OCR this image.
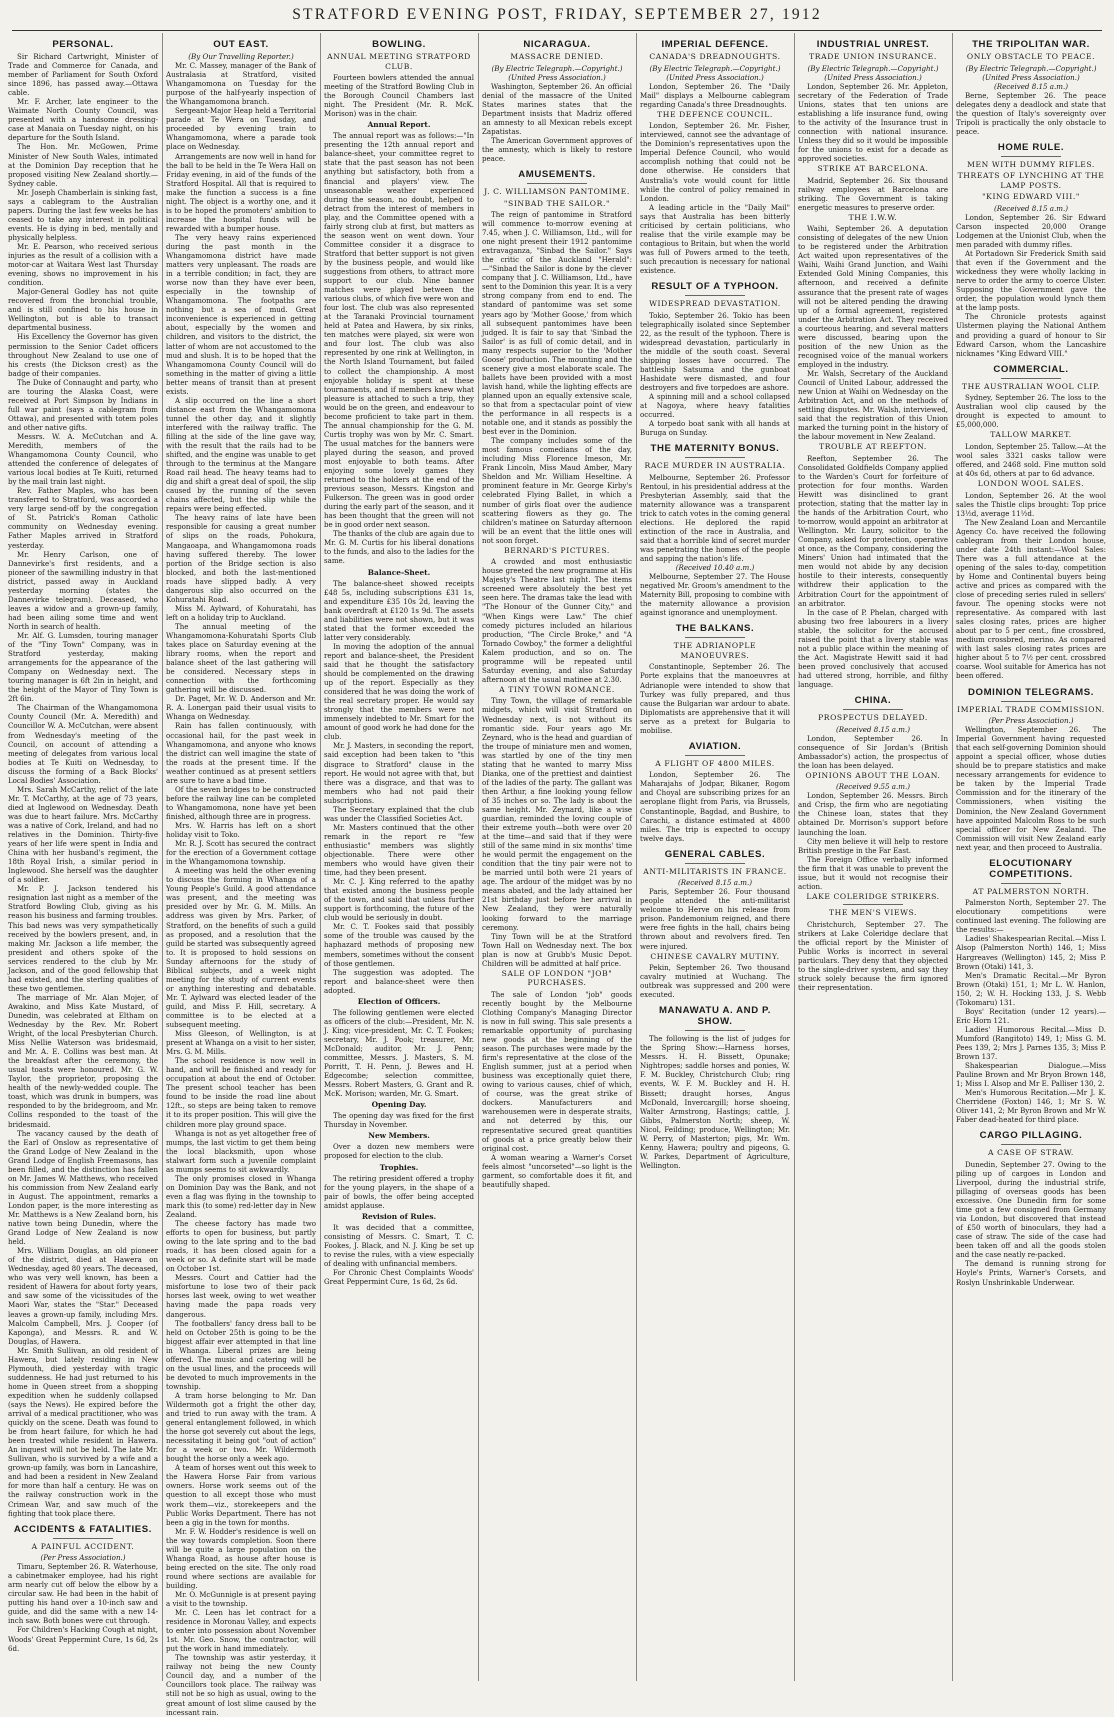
STRATFORD EVENING POST, FRIDAY, SEPTEMBER 27, 1912
PERSONAL.

Sir Richard Cartwright, Minister of Trade and Commerce for Canada, and member of Parliament for South Oxford since 1896, has passed away.—Ottawa cable.

Mr. F. Archer, late engineer to the Waimate North County Council, was presented with a handsome dressing-case at Manaia on Tuesday night, on his departure for the South Island.

The Hon. Mr. McGowen, Prime Minister of New South Wales, intimated at the Dominion Day reception that he proposed visiting New Zealand shortly.—Sydney cable.

Mr. Joseph Chamberlain is sinking fast, says a cablegram to the Australian papers. During the last few weeks he has ceased to take any interest in political events. He is dying in bed, mentally and physically helpless.

Mr. E. Pearson, who received serious injuries as the result of a collision with a motor-car at Waitara West last Thursday evening, shows no improvement in his condition.

Major-General Godley has not quite recovered from the bronchial trouble, and is still confined to his house in Wellington, but is able to transact departmental business.

His Excellency the Governor has given permission to the Senior Cadet officers throughout New Zealand to use one of his crests (the Dickson crest) as the badge of their companies.

The Duke of Connaught and party, who are touring the Alaska Coast, were received at Port Simpson by Indians in full war paint (says a cablegram from Ottawa), and presented with totem poles and other native gifts.

Messrs. W. A. McCutchan and A. Meredith, members of the Whangamomona County Council, who attended the conference of delegates of various local bodies at Te Kuiti, returned by the mail train last night.

Rev. Father Maples, who has been transferred to Stratford, was accorded a very large send-off by the congregation of St. Patrick's Roman Catholic community on Wednesday evening. Father Maples arrived in Stratford yesterday.

Mr. Henry Carlson, one of Dannevirke's first residents, and a pioneer of the sawmilling industry in that district, passed away in Auckland yesterday morning (states the Dannevirke telegram). Deceased, who leaves a widow and a grown-up family, had been ailing some time and went North in search of health.

Mr. Alf. G. Lumsden, touring manager of the "Tiny Town" Company, was in Stratford yesterday, making arrangements for the appearance of the Company on Wednesday next. The touring manager is 6ft 2in in height, and the height of the Mayor of Tiny Town is 2ft 6in.

The Chairman of the Whangamomona County Council (Mr. A. Meredith) and Councillor W. A. McCutchan, were absent from Wednesday's meeting of the Council, on account of attending a meeting of delegates from various local bodies at Te Kuiti on Wednesday, to discuss the forming of a Back Blocks' Local Bodies' Association.

Mrs. Sarah McCarthy, relict of the late Mr. T. McCarthy, at the age of 73 years, died at Inglewood on Wednesday. Death was due to heart failure. Mrs. McCarthy was a native of Cork, Ireland, and had no relatives in the Dominion. Thirty-five years of her life were spent in India and China with her husband's regiment, the 18th Royal Irish, a similar period in Inglewood. She herself was the daughter of a soldier.

Mr. P. J. Jackson tendered his resignation last night as a member of the Stratford Bowling Club, giving as his reason his business and farming troubles. This bad news was very sympathetically received by the bowlers present, and, in making Mr. Jackson a life member, the president and others spoke of the services rendered to the club by Mr. Jackson, and of the good fellowship that had existed, and the sterling qualities of these two gentlemen.

The marriage of Mr. Alan Mojer, of Awakino, and Miss Kate Mustard, of Dunedin, was celebrated at Eltham on Wednesday by the Rev. Mr. Robert Wright, of the local Presbyterian Church. Miss Nellie Waterson was bridesmaid, and Mr. A. E. Collins was best man. At the breakfast after the ceremony, the usual toasts were honoured. Mr. G. W. Taylor, the proprietor, proposing the health of the newly-wedded couple. The toast, which was drunk in bumpers, was responded to by the bridegroom, and Mr. Collins responded to the toast of the bridesmaid.

The vacancy caused by the death of the Earl of Onslow as representative of the Grand Lodge of New Zealand in the Grand Lodge of English Freemasons, has been filled, and the distinction has fallen on Mr. James W. Matthews, who received his commission from New Zealand early in August. The appointment, remarks a London paper, is the more interesting as Mr. Matthews is a New Zealand born, his native town being Dunedin, where the Grand Lodge of New Zealand is now held.

Mrs. William Douglas, an old pioneer of the district, died at Hawera on Wednesday, aged 80 years. The deceased, who was very well known, has been a resident of Hawera for about forty years, and saw some of the vicissitudes of the Maori War, states the "Star." Deceased leaves a grown-up family, including Mrs. Malcolm Campbell, Mrs. J. Cooper (of Kaponga), and Messrs. R. and W. Douglas, of Hawera.

Mr. Smith Sullivan, an old resident of Hawera, but lately residing in New Plymouth, died yesterday with tragic suddenness. He had just returned to his home in Queen street from a shopping expedition when he suddenly collapsed (says the News). He expired before the arrival of a medical practitioner, who was quickly on the scene. Death was found to be from heart failure, for which he had been treated while resident in Hawera. An inquest will not be held. The late Mr. Sullivan, who is survived by a wife and a grown-up family, was born in Lancashire, and had been a resident in New Zealand for more than half a century. He was on the railway construction work in the Crimean War, and saw much of the fighting that took place there.

ACCIDENTS & FATALITIES.
A PAINFUL ACCIDENT.
(Per Press Association.)

Timaru, September 26. R. Waterhouse, a cabinetmaker employee, had his right arm nearly cut off below the elbow by a circular saw. He had been in the habit of putting his hand over a 10-inch saw and guide, and did the same with a new 14-inch saw. Both bones were cut through.

For Children's Hacking Cough at night, Woods' Great Peppermint Cure, 1s 6d, 2s 6d.

OUT EAST.
(By Our Travelling Reporter.)

Mr. C. Massey, manager of the Bank of Australasia at Stratford, visited Whangamomona on Tuesday for the purpose of the half-yearly inspection of the Whangamomona branch.

Sergeant-Major Heap held a Territorial parade at Te Wera on Tuesday, and proceeded by evening train to Whangamomona, where a parade took place on Wednesday.

Arrangements are now well in hand for the ball to be held in the Te Wera Hall on Friday evening, in aid of the funds of the Stratford Hospital. All that is required to make the function a success is a fine night. The object is a worthy one, and it is to be hoped the promoters' ambition to increase the hospital funds will be rewarded with a bumper house.

The very heavy rains experienced during the past month in the Whangamomona district have made matters very unpleasant. The roads are in a terrible condition; in fact, they are worse now than they have ever been, especially in the township of Whangamomona. The footpaths are nothing but a sea of mud. Great inconvenience is experienced in getting about, especially by the women and children, and visitors to the district, the latter of whom are not accustomed to the mud and slush. It is to be hoped that the Whangamomona County Council will do something in the matter of giving a little better means of transit than at present exists.

A slip occurred on the line a short distance east from the Whangamomona tunnel the other day, and it slightly interfered with the railway traffic. The filling at the side of the line gave way, with the result that the rails had to be shifted, and the engine was unable to get through to the terminus at the Mangare Road rail head. The heavy teams had to dig and shift a great deal of spoil, the slip caused by the running of the seven chains affected, but the slip while the repairs were being effected.

The heavy rains of late have been responsible for causing a great number of slips on the roads, Pohokura, Mangaoapa, and Whangamomona roads having suffered thereby. The lower portion of the Bridge section is also blocked, and both the last-mentioned roads have slipped badly. A very dangerous slip also occurred on the Kohuratahi Road.

Miss M. Aylward, of Kohuratahi, has left on a holiday trip to Auckland.

The annual meeting of the Whangamomona-Kohuratahi Sports Club takes place on Saturday evening at the library rooms, when the report and balance sheet of the last gathering will be considered. Necessary steps in connection with the forthcoming gathering will be discussed.

Dr. Paget, Mr. W. D. Anderson and Mr. R. A. Lonergan paid their usual visits to Whanga on Wednesday.

Rain has fallen continuously, with occasional hail, for the past week in Whangamomona, and anyone who knows the district can well imagine the state of the roads at the present time. If the weather continued as at present settlers are sure to have a bad time.

Of the seven bridges to be constructed before the railway line can be completed to Whangamomona, none have yet been finished, although three are in progress.

Mrs. W. Harris has left on a short holiday visit to Toko.

Mr. R. J. Scott has secured the contract for the erection of a Government cottage in the Whangamomona township.

A meeting was held the other evening to discuss the forming in Whanga of a Young People's Guild. A good attendance was present, and the meeting was presided over by Mr. G. M. Mills. An address was given by Mrs. Parker, of Stratford, on the benefits of such a guild as proposed, and a resolution that the guild be started was subsequently agreed to. It is proposed to hold sessions on Sunday afternoons for the study of Biblical subjects, and a week night meeting for the study of current events or anything interesting and debatable. Mr. T. Aylward was elected leader of the guild, and Miss F. Hill, secretary. A committee is to be elected at a subsequent meeting.

Miss Gleeson, of Wellington, is at present at Whanga on a visit to her sister, Mrs. G. M. Mills.

The school residence is now well in hand, and will be finished and ready for occupation at about the end of October. The present school teacher has been found to be inside the road line about 12ft., so steps are being taken to remove it to its proper position. This will give the children more play ground space.

Whanga is not as yet altogether free of mumps, the last victim to get them being the local blacksmith, upon whose stalwart form such a juvenile complaint as mumps seems to sit awkwardly.

The only promises closed in Whanga on Dominion Day was the Bank, and not even a flag was flying in the township to mark this (to some) red-letter day in New Zealand.

The cheese factory has made two efforts to open for business, but partly owing to the late spring and to the bad roads, it has been closed again for a week or so. A definite start will be made on October 1st.

Messrs. Court and Cattier had the misfortune to lose two of their pack horses last week, owing to wet weather having made the papa roads very dangerous.

The footballers' fancy dress ball to be held on October 25th is going to be the biggest affair ever attempted in that line in Whanga. Liberal prizes are being offered. The music and catering will be on the usual lines, and the proceeds will be devoted to much improvements in the township.

A tram horse belonging to Mr. Dan Wildermoth got a fright the other day, and tried to run away with the tram. A general entanglement followed, in which the horse got severely cut about the legs, necessitating it being got "out of action" for a week or two. Mr. Wildermoth bought the horse only a week ago.

A team of horses went out this week to the Hawera Horse Fair from various owners. Horse work seems out of the question to all except those who must work them—viz., storekeepers and the Public Works Department. There has not been a gig in the town for months.

Mr. F. W. Hodder's residence is well on the way towards completion. Soon there will be quite a large population on the Whanga Road, as house after house is being erected on the site. The only road round where sections are available for building.

Mr. O. McGunnigle is at present paying a visit to the township.

Mr. C. Leen has let contract for a residence in Moronau Valley, and expects to enter into possession about November 1st. Mr. Geo. Snow, the contractor, will put the work in hand immediately.

The township was astir yesterday, it railway not being the new County Council day, and a number of the Councillors took place. The railway was still not be so high as usual, owing to the great amount of lost slime caused by the incessant rain.

BOWLING.
ANNUAL MEETING STRATFORD CLUB.

Fourteen bowlers attended the annual meeting of the Stratford Bowling Club in the Borough Council Chambers last night. The President (Mr. R. McK. Morison) was in the chair.

Annual Report.

The annual report was as follows:—"In presenting the 12th annual report and balance-sheet, your committee regret to state that the past season has not been anything but satisfactory, both from a financial and players' view. The unseasonable weather experienced during the season, no doubt, helped to detract from the interest of members in play, and the Committee opened with a fairly strong club at first, but matters as the season went on went down. Your Committee consider it a disgrace to Stratford that better support is not given by the business people, and would like suggestions from others, to attract more support to our club. Nine banner matches were played between the various clubs, of which five were won and four lost. The club was also represented at the Taranaki Provincial tournament held at Patea and Hawera, by six rinks, ten matches were played, six were won and four lost. The club was also represented by one rink at Wellington, in the North Island Tournament, but failed to collect the championship. A most enjoyable holiday is spent at these tournaments, and if members knew what pleasure is attached to such a trip, they would be on the green, and endeavour to become proficient to take part in them. The annual championship for the G. M. Curtis trophy was won by Mr. C. Smart. The usual matches for the banners were played during the season, and proved most enjoyable to both teams. After enjoying some lovely games they returned to the holders at the end of the previous season, Messrs. Kingston and Fulkerson. The green was in good order during the early part of the season, and it has been thought that the green will not be in good order next season.

The thanks of the club are again due to Mr. G. M. Curtis for his liberal donations to the funds, and also to the ladies for the same.

Balance-Sheet.

The balance-sheet showed receipts £48 5s, including subscriptions £31 1s, and expenditure £35 10s 2d, leaving the bank overdraft at £120 1s 9d. The assets and liabilities were not shown, but it was stated that the former exceeded the latter very considerably.

In moving the adoption of the annual report and balance-sheet, the President said that he thought the satisfactory should be complemented on the drawing up of the report. Especially as they considered that he was doing the work of the real secretary proper. He would say strongly that the members were not immensely indebted to Mr. Smart for the amount of good work he had done for the club.

Mr. J. Masters, in seconding the report, said exception had been taken to "this disgrace to Stratford" clause in the report. He would not agree with that, but there was a disgrace, and that was to members who had not paid their subscriptions.

The Secretary explained that the club was under the Classified Societies Act.

Mr. Masters continued that the other remark in the report re "few enthusiastic" members was slightly objectionable. There were other members who would have given their time, had they been present.

Mr. C. J. King referred to the apathy that existed among the business people of the town, and said that unless further support is forthcoming, the future of the club would be seriously in doubt.

Mr. C. T. Fookes said that possibly some of the trouble was caused by the haphazard methods of proposing new members, sometimes without the consent of those gentlemen.

The suggestion was adopted. The report and balance-sheet were then adopted.

Election of Officers.

The following gentlemen were elected as officers of the club:—President, Mr. N. J. King; vice-president, Mr. C. T. Fookes; secretary, Mr. J. Pook; treasurer, Mr. McDonald; auditor, Mr. J. Penn; committee, Messrs. J. Masters, S. M. Porritt, T. H. Penn, J. Bewes and H. Edgecombe; selection committee, Messrs. Robert Masters, G. Grant and R. McK. Morison; warden, Mr. G. Smart.

Opening Day.

The opening day was fixed for the first Thursday in November.

New Members.

Over a dozen new members were proposed for election to the club.

Trophies.

The retiring president offered a trophy for the young players, in the shape of a pair of bowls, the offer being accepted amidst applause.

Revision of Rules.

It was decided that a committee, consisting of Messrs. C. Smart, T. C. Fookes, J. Black, and N. J. King be set up to revise the rules, with a view especially of dealing with unfinancial members.

For Chronic Chest Complaints Woods' Great Peppermint Cure, 1s 6d, 2s 6d.

NICARAGUA.
MASSACRE DENIED.
(By Electric Telegraph.—Copyright.) (United Press Association.)

Washington, September 26. An official denial of the massacre of the United States marines states that the Department insists that Madriz offered an amnesty to all Mexican rebels except Zapatistas.

The American Government approves of the amnesty, which is likely to restore peace.

AMUSEMENTS.
J. C. WILLIAMSON PANTOMIME.
"SINBAD THE SAILOR."

The reign of pantomime in Stratford will commence to-morrow evening at 7.45, when J. C. Williamson, Ltd., will for one night present their 1912 pantomime extravaganza, "Sinbad the Sailor." Says the critic of the Auckland "Herald":—"Sinbad the Sailor is done by the clever company that J. C. Williamson, Ltd., have sent to the Dominion this year. It is a very strong company from end to end. The standard of pantomime was set some years ago by 'Mother Goose,' from which all subsequent pantomimes have been judged. It is fair to say that 'Sinbad the Sailor' is as full of comic detail, and in many respects superior to the 'Mother Goose' production. The mounting and the scenery give a most elaborate scale. The ballets have been provided with a most lavish hand, while the lighting effects are planned upon an equally extensive scale, so that from a spectacular point of view the performance in all respects is a notable one, and it stands as possibly the best ever in the Dominion.

The company includes some of the most famous comedians of the day, including Miss Florence Imeson, Mr. Frank Lincoln, Miss Maud Amber, Mary Sheldon and Mr. William Heseltine. A prominent feature in Mr. George Kirby's celebrated Flying Ballet, in which a number of girls float over the audience scattering flowers as they go. The children's matinee on Saturday afternoon will be an event that the little ones will not soon forget.

BERNARD'S PICTURES.

A crowded and most enthusiastic house greeted the new programme at His Majesty's Theatre last night. The items screened were absolutely the best yet seen here. The dramas take the lead with "The Honour of the Gunner City," and "When Kings were Law." The chief comedy pictures included an hilarious production, "The Circle Broke," and "A Tornado Cowboy," the former a delightful Kalem production, and so on. The programme will be repeated until Saturday evening, and also Saturday afternoon at the usual matinee at 2.30.

A TINY TOWN ROMANCE.

Tiny Town, the village of remarkable midgets, which will visit Stratford on Wednesday next, is not without its romantic side. Four years ago Mr. Zeynard, who is the head and guardian of the troupe of miniature men and women, was startled by one of the tiny men stating that he wanted to marry Miss Dianka, one of the prettiest and daintiest of the ladies of the party. The gallant was then Arthur, a fine looking young fellow of 35 inches or so. The lady is about the same height. Mr. Zeynard, like a wise guardian, reminded the loving couple of their extreme youth—both were over 20 at the time—and said that if they were still of the same mind in six months' time he would permit the engagement on the condition that the tiny pair were not to be married until both were 21 years of age. The ardour of the midget was by no means abated, and the lady attained her 21st birthday just before her arrival in New Zealand, they were naturally looking forward to the marriage ceremony.

Tiny Town will be at the Stratford Town Hall on Wednesday next. The box plan is now at Grubb's Music Depot. Children will be admitted at half price.

SALE OF LONDON "JOB" PURCHASES.

The sale of London "job" goods recently bought by the Melbourne Clothing Company's Managing Director is now in full swing. This sale presents a remarkable opportunity of purchasing new goods at the beginning of the season. The purchases were made by the firm's representative at the close of the English summer, just at a period when business was exceptionally quiet there, owing to various causes, chief of which, of course, was the great strike of dockers. Manufacturers and warehousemen were in desperate straits, and not deterred by this, our representative secured great quantities of goods at a price greatly below their original cost.

A woman wearing a Warner's Corset feels almost "uncorseted"—so light is the garment, so comfortable does it fit, and beautifully shaped.

IMPERIAL DEFENCE.
CANADA'S DREADNOUGHTS.
(By Electric Telegraph.—Copyright.) (United Press Association.)

London, September 26. The "Daily Mail" displays a Melbourne cablegram regarding Canada's three Dreadnoughts.

THE DEFENCE COUNCIL.

London, September 26. Mr. Fisher, interviewed, cannot see the advantage of the Dominion's representatives upon the Imperial Defence Council, who would accomplish nothing that could not be done otherwise. He considers that Australia's vote would count for little while the control of policy remained in London.

A leading article in the "Daily Mail" says that Australia has been bitterly criticised by certain politicians, who realise that the virile example may be contagious to Britain, but when the world was full of Powers armed to the teeth, such precaution is necessary for national existence.

RESULT OF A TYPHOON.
WIDESPREAD DEVASTATION.

Tokio, September 26. Tokio has been telegraphically isolated since September 22, as the result of the typhoon. There is widespread devastation, particularly in the middle of the south coast. Several shipping losses have occurred. The battleship Satsuma and the gunboat Hashidate were dismasted, and four destroyers and five torpedoes are ashore.

A spinning mill and a school collapsed at Nagoya, where heavy fatalities occurred.

A torpedo boat sank with all hands at Buruga on Sunday.

THE MATERNITY BONUS.
RACE MURDER IN AUSTRALIA.

Melbourne, September 26. Professor Rentoul, in his presidential address at the Presbyterian Assembly, said that the maternity allowance was a transparent trick to catch votes in the coming general elections. He deplored the rapid extinction of the race in Australia, and said that a horrible kind of secret murder was penetrating the homes of the people and sapping the nation's life.

(Received 10.40 a.m.)

Melbourne, September 27. The House negatived Mr. Groom's amendment to the Maternity Bill, proposing to combine with the maternity allowance a provision against ignorance and unemployment.

THE BALKANS.
THE ADRIANOPLE MANOEUVRES.

Constantinople, September 26. The Porte explains that the manoeuvres at Adrianople were intended to show that Turkey was fully prepared, and thus cause the Bulgarian war ardour to abate. Diplomatists are apprehensive that it will serve as a pretext for Bulgaria to mobilise.

AVIATION.
A FLIGHT OF 4800 MILES.

London, September 26. The Maharajahs of Jodpar, Bikaner, Rogom and Choyal are subscribing prizes for an aeroplane flight from Paris, via Brussels, Constantinople, Bagdad, and Bushire, to Carachi, a distance estimated at 4800 miles. The trip is expected to occupy twelve days.

GENERAL CABLES.
ANTI-MILITARISTS IN FRANCE.
(Received 8.15 a.m.)

Paris, September 26. Four thousand people attended the anti-militarist welcome to Herve on his release from prison. Pandemonium reigned, and there were free fights in the hall, chairs being thrown about and revolvers fired. Ten were injured.

CHINESE CAVALRY MUTINY.

Pekin, September 26. Two thousand cavalry mutinied at Wuchang. The outbreak was suppressed and 200 were executed.

MANAWATU A. AND P. SHOW.

The following is the list of judges for the Spring Show:—Harness horses, Messrs. H. H. Bissett, Opunake; Nightropes; saddle horses and ponies, W. F. M. Buckley, Christchurch Club; ring events, W. F. M. Buckley and H. H. Bissett; draught horses, Angus McDonald, Invercargill; horse shoeing, Walter Armstrong, Hastings; cattle, J. Gibbs, Palmerston North; sheep, W. Nicol, Feilding; produce, Wellington; Mr. W. Perry, of Masterton; pigs, Mr. Wm. Kenny, Hawera; poultry and pigeons, G. W. Parkes, Department of Agriculture, Wellington.

INDUSTRIAL UNREST.
TRADE UNION INSURANCE.
(By Electric Telegraph.—Copyright.) (United Press Association.)

London, September 26. Mr. Appleton, secretary of the Federation of Trade Unions, states that ten unions are establishing a life insurance fund, owing to the activity of the Insurance trust in connection with national insurance. Unless they did so it would be impossible for the unions to exist for a decade as approved societies.

STRIKE AT BARCELONA.

Madrid, September 26. Six thousand railway employees at Barcelona are striking. The Government is taking energetic measures to preserve order.

THE I.W.W.

Waihi, September 26. A deputation consisting of delegates of the new Union to be registered under the Arbitration Act waited upon representatives of the Waihi, Waihi Grand Junction, and Waihi Extended Gold Mining Companies, this afternoon, and received a definite assurance that the present rate of wages will not be altered pending the drawing up of a formal agreement, registered under the Arbitration Act. They received a courteous hearing, and several matters were discussed, bearing upon the position of the new Union as the recognised voice of the manual workers employed in the industry.

Mr. Walsh, Secretary of the Auckland Council of United Labour, addressed the new Union at Waihi on Wednesday on the Arbitration Act, and on the methods of settling disputes. Mr. Walsh, interviewed, said that the registration of this Union marked the turning point in the history of the labour movement in New Zealand.

TROUBLE AT REEFTON.

Reefton, September 26. The Consolidated Goldfields Company applied to the Warden's Court for forfeiture of protection for four months. Warden Hewitt was disinclined to grant protection, stating that the matter lay in the hands of the Arbitration Court, who to-morrow, would appoint an arbitrator at Wellington. Mr. Laury, solicitor to the Company, asked for protection, operative at once, as the Company, considering the Miners' Union had intimated that the men would not abide by any decision hostile to their interests, consequently withdrew their application to the Arbitration Court for the appointment of an arbitrator.

In the case of P. Phelan, charged with abusing two free labourers in a livery stable, the solicitor for the accused raised the point that a livery stable was not a public place within the meaning of the Act. Magistrate Hewitt said it had been proved conclusively that accused had uttered strong, horrible, and filthy language.

CHINA.
PROSPECTUS DELAYED.
(Received 8.15 a.m.)

London, September 26. In consequence of Sir Jordan's (British Ambassador's) action, the prospectus of the loan has been delayed.

OPINIONS ABOUT THE LOAN.
(Received 9.55 a.m.)

London, September 26. Messrs. Birch and Crisp, the firm who are negotiating the Chinese loan, states that they obtained Dr. Morrison's support before launching the loan.

City men believe it will help to restore British prestige in the Far East.

The Foreign Office verbally informed the firm that it was unable to prevent the issue, but it would not recognise their action.

LAKE COLERIDGE STRIKERS.
THE MEN'S VIEWS.

Christchurch, September 27. The strikers at Lake Coleridge declare that the official report by the Minister of Public Works is incorrect in several particulars. They deny that they objected to the single-driver system, and say they struck solely because the firm ignored their representation.

THE TRIPOLITAN WAR.
ONLY OBSTACLE TO PEACE.
(By Electric Telegraph.—Copyright.) (United Press Association.)
(Received 8.15 a.m.)

Berne, September 26. The peace delegates deny a deadlock and state that the question of Italy's sovereignty over Tripoli is practically the only obstacle to peace.

HOME RULE.
MEN WITH DUMMY RIFLES.
THREATS OF LYNCHING AT THE LAMP POSTS.
"KING EDWARD VIII."
(Received 8.15 a.m.)

London, September 26. Sir Edward Carson inspected 20,000 Orange Lodgemen at the Unionist Club, when the men paraded with dummy rifles.

At Portadown Sir Frederick Smith said that even if the Government and the wickedness they were wholly lacking in nerve to order the army to coerce Ulster. Supposing the Government gave the order, the population would lynch them at the lamp posts.

The Chronicle protests against Ulstermen playing the National Anthem and providing a guard of honour to Sir Edward Carson, whom the Lancashire nicknames "King Edward VIII."

COMMERCIAL.
THE AUSTRALIAN WOOL CLIP.

Sydney, September 26. The loss to the Australian wool clip caused by the drought is expected to amount to £5,000,000.

TALLOW MARKET.

London, September 25. Tallow.—At the wool sales 3321 casks tallow were offered, and 2468 sold. Fine mutton sold at 40s 6d, others at par to 6d advance.

LONDON WOOL SALES.

London, September 26. At the wool sales the Thistle clips brought: Top price 13½d, average 11½d.

The New Zealand Loan and Mercantile Agency Co. have received the following cablegram from their London house, under date 24th instant:—Wool Sales: There was a full attendance at the opening of the sales to-day, competition by Home and Continental buyers being active and prices as compared with the close of preceding series ruled in sellers' favour. The opening stocks were not representative. As compared with last sales closing rates, prices are higher about par to 5 per cent., fine crossbred, medium crossbred, merino. As compared with last sales closing rates prices are higher about 5 to 7½ per cent. crossbred coarse. Wool suitable for America has not been offered.

DOMINION TELEGRAMS.
IMPERIAL TRADE COMMISSION.
(Per Press Association.)

Wellington, September 26. The Imperial Government having requested that each self-governing Dominion should appoint a special officer, whose duties should be to prepare statistics and make necessary arrangements for evidence to be taken by the Imperial Trade Commission and for the itinerary of the Commissioners, when visiting the Dominion, the New Zealand Government have appointed Malcolm Ross to be such special officer for New Zealand. The Commission will visit New Zealand early next year, and then proceed to Australia.

ELOCUTIONARY COMPETITIONS.
AT PALMERSTON NORTH.

Palmerston North, September 27. The elocutionary competitions were continued last evening. The following are the results:—

Ladies' Shakespearian Recital.—Miss I. Alsop (Palmerston North) 146, 1; Miss Hargreaves (Wellington) 145, 2; Miss P. Brown (Otaki) 141, 3.

Men's Dramatic Recital.—Mr Byron Brown (Otaki) 151, 1; Mr L. W. Hanlon, 150, 2; W. H. Hocking 133, J. S. Webb (Tokomaru) 131.

Boys' Recitation (under 12 years).—Eric Horn 121.

Ladies' Humorous Recital.—Miss D. Mumford (Rangitoto) 149, 1; Miss G. M. Pees 139, 2; Mrs J. Parnes 135, 3; Miss P. Brown 137.

Shakespearian Dialogue.—Miss Pauline Brown and Mr Bryon Brown 148, 1; Miss I. Alsop and Mr E. Palliser 130, 2.

Men's Humorous Recitation.—Mr J. K. Cherridene (Foxton) 146, 1; Mr S. W. Oliver 141, 2; Mr Byron Brown and Mr W. Faber dead-heated for third place.

CARGO PILLAGING.
A CASE OF STRAW.

Dunedin, September 27. Owing to the piling up of cargoes in London and Liverpool, during the industrial strife, pillaging of overseas goods has been excessive. One Dunedin firm for some time got a few consigned from Germany via London, but discovered that instead of £50 worth of binoculars, they had a case of straw. The side of the case had been taken off and all the goods stolen and the case neatly re-packed.

The demand is running strong for Hoyle's Prints, Warner's Corsets, and Roslyn Unshrinkable Underwear.
